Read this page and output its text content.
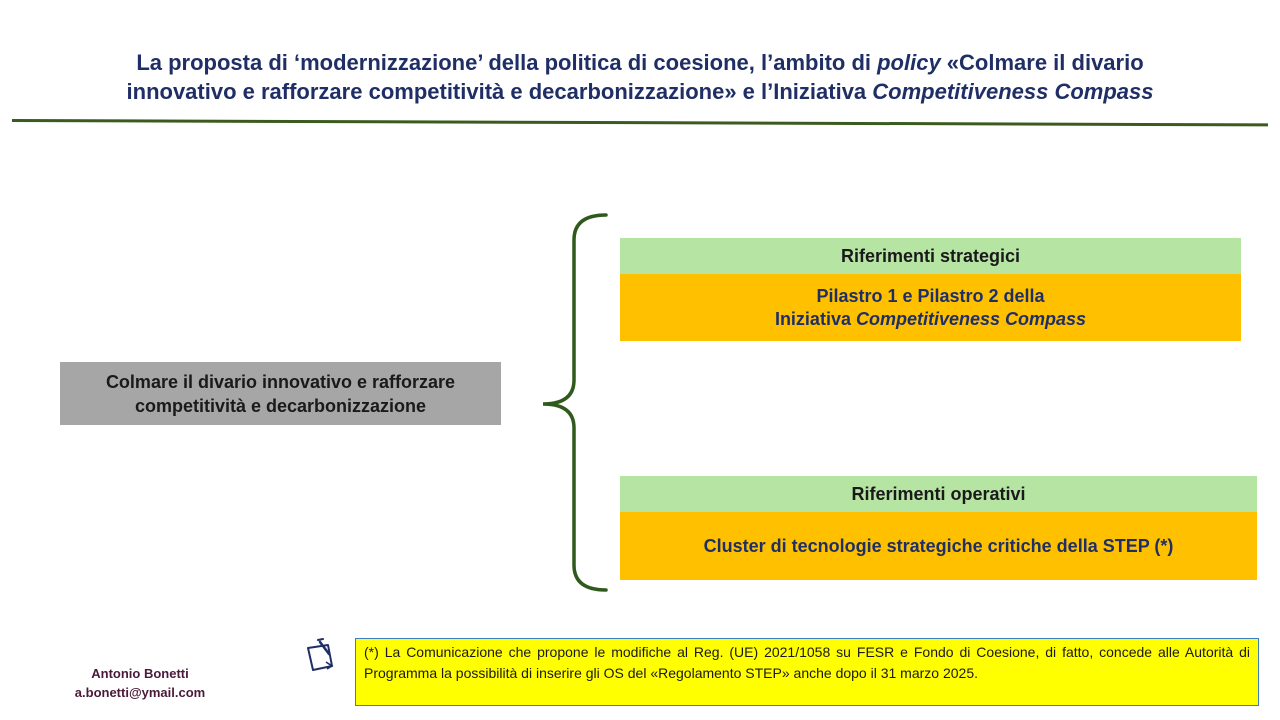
La proposta di ‘modernizzazione’ della politica di coesione, l’ambito di policy «Colmare il divario
innovativo e rafforzare competitività e decarbonizzazione» e l’Iniziativa Competitiveness Compass
Colmare il divario innovativo e rafforzare
competitività e decarbonizzazione
Riferimenti strategici
Pilastro 1 e Pilastro 2 della
Iniziativa Competitiveness Compass
Riferimenti operativi
Cluster di tecnologie strategiche critiche della STEP (*)
Antonio Bonetti
a.bonetti@ymail.com
(*) La Comunicazione che propone le modifiche al Reg. (UE) 2021/1058 su FESR e Fondo di Coesione, di fatto, concede alle Autorità di Programma la possibilità di inserire gli OS del «Regolamento STEP» anche dopo il 31 marzo 2025.
